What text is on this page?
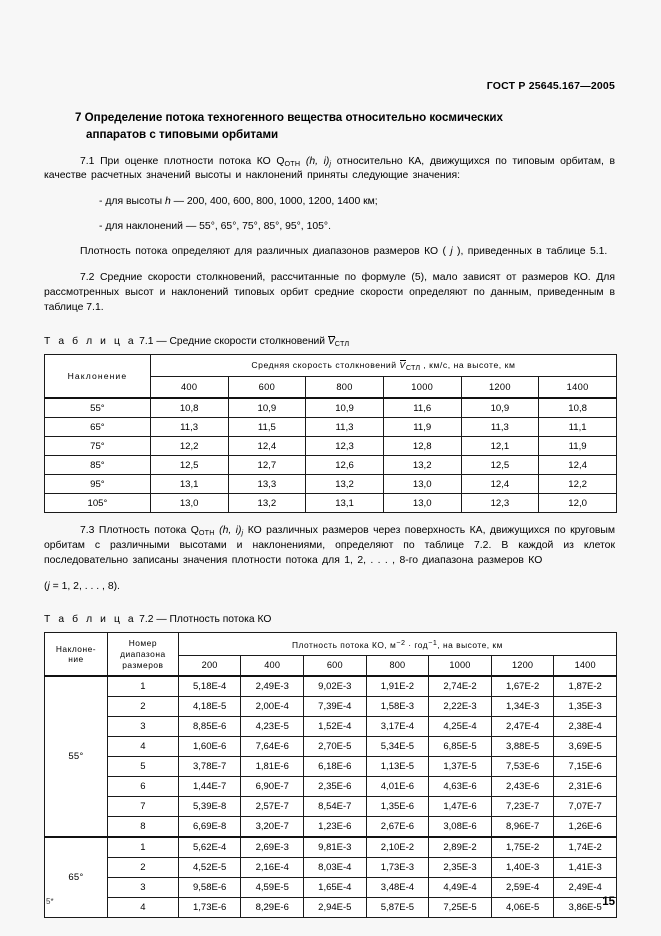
ГОСТ Р 25645.167—2005
7 Определение потока техногенного вещества относительно космических
аппаратов с типовыми орбитами

7.1 При оценке плотности потока КО $Q_{ОТН}$ (h, $i)_j$ относительно КА, движущихся по типовым орбитам, в качестве расчетных значений высоты и наклонений приняты следующие значения:

- для высоты h — 200, 400, 600, 800, 1000, 1200, 1400 км;

- для наклонений — 55°, 65°, 75°, 85°, 95°, 105°.

Плотность потока определяют для различных диапазонов размеров КО ( j ), приведенных в таблице 5.1.

7.2 Средние скорости столкновений, рассчитанные по формуле (5), мало зависят от размеров КО. Для рассмотренных высот и наклонений типовых орбит средние скорости определяют по данным, приведенным в таблице 7.1.

Т а б л и ц а 7.1 — Средние скорости столкновений $V_{СТЛ}$
Наклонение	Средняя скорость столкновений $V_{СТЛ}$ , км/с, на высоте, км					
	400	600	800	1000	1200	1400
55°	10,8	10,9	10,9	11,6	10,9	10,8
65°	11,3	11,5	11,3	11,9	11,3	11,1
75°	12,2	12,4	12,3	12,8	12,1	11,9
85°	12,5	12,7	12,6	13,2	12,5	12,4
95°	13,1	13,3	13,2	13,0	12,4	12,2
105°	13,0	13,2	13,1	13,0	12,3	12,0

7.3 Плотность потока $Q_{ОТН}$ (h, $i)_j$ КО различных размеров через поверхность КА, движущихся по круговым орбитам с различными высотами и наклонениями, определяют по таблице 7.2. В каждой из клеток последовательно записаны значения плотности потока для 1, 2, . . . , 8-го диапазона размеров КО

(j = 1, 2, . . . , 8).

Т а б л и ц а 7.2 — Плотность потока КО
Наклоне-
ние

Номер
диапазона
размеров
	Плотность потока КО, $м^{-2} \cdot год^{-1}$, на высоте, км
		200	400	600	800	1000	1200	1400
55°	1	5,18E-4	2,49E-3	9,02E-3	1,91E-2	2,74E-2	1,67E-2	1,87E-2
	2	4,18E-5	2,00E-4	7,39E-4	1,58E-3	2,22E-3	1,34E-3	1,35E-3
	3	8,85E-6	4,23E-5	1,52E-4	3,17E-4	4,25E-4	2,47E-4	2,38E-4
	4	1,60E-6	7,64E-6	2,70E-5	5,34E-5	6,85E-5	3,88E-5	3,69E-5
	5	3,78E-7	1,81E-6	6,18E-6	1,13E-5	1,37E-5	7,53E-6	7,15E-6
	6	1,44E-7	6,90E-7	2,35E-6	4,01E-6	4,63E-6	2,43E-6	2,31E-6
	7	5,39E-8	2,57E-7	8,54E-7	1,35E-6	1,47E-6	7,23E-7	7,07E-7
	8	6,69E-8	3,20E-7	1,23E-6	2,67E-6	3,08E-6	8,96E-7	1,26E-6
65°	1	5,62E-4	2,69E-3	9,81E-3	2,10E-2	2,89E-2	1,75E-2	1,74E-2
	2	4,52E-5	2,16E-4	8,03E-4	1,73E-3	2,35E-3	1,40E-3	1,41E-3
	3	9,58E-6	4,59E-5	1,65E-4	3,48E-4	4,49E-4	2,59E-4	2,49E-4
	4	1,73E-6	8,29E-6	2,94E-5	5,87E-5	7,25E-5	4,06E-5	3,86E-5
5*	15
